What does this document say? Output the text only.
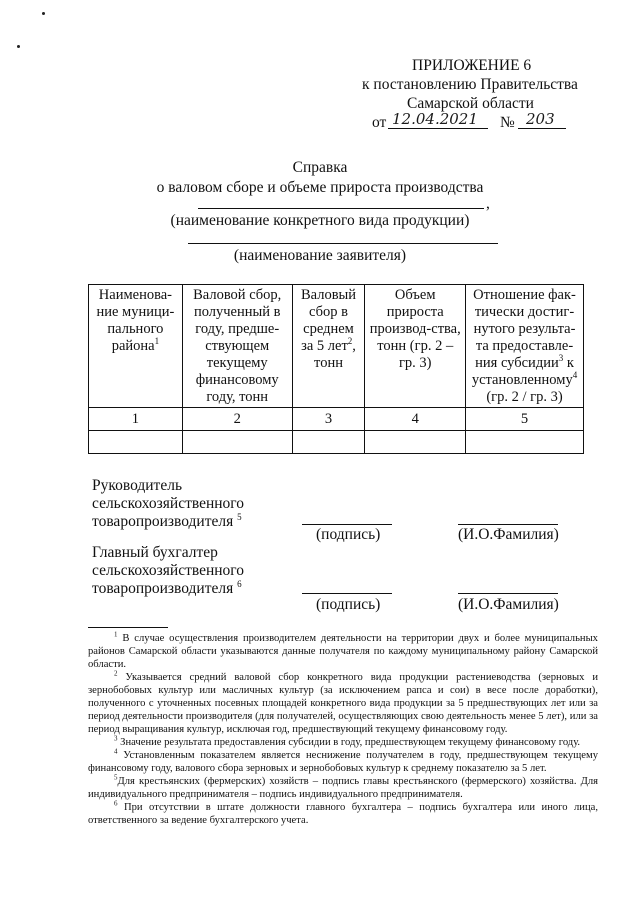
ПРИЛОЖЕНИЕ 6
к постановлению Правительства
Самарской области
от 12.04.2021 № 203
Справка
о валовом сборе и объеме прироста производства
,
(наименование конкретного вида продукции)
(наименование заявителя)
Наименова-ние муници-пального района$^1$	Валовой сбор, полученный в году, предше-ствующем текущему финансовому году, тонн	Валовый сбор в среднем за 5 лет$^2$, тонн	Объем прироста производ-ства, тонн (гр. 2 – гр. 3)	Отношение фак-тически достиг-нутого результа-та предоставле-ния субсидии$^3$ к установленному$^4$ (гр. 2 / гр. 3)
1	2	3	4	5

Руководитель
сельскохозяйственного
товаропроизводителя $^5$
(подпись)	(И.О.Фамилия)
Главный бухгалтер
сельскохозяйственного
товаропроизводителя $^6$
(подпись)	(И.О.Фамилия)
$^1$ В случае осуществления производителем деятельности на территории двух и более муниципальных районов Самарской области указываются данные получателя по каждому муниципальному району Самарской области.
$^2$ Указывается средний валовой сбор конкретного вида продукции растениеводства (зерновых и зернобобовых культур или масличных культур (за исключением рапса и сои) в весе после доработки), полученного с уточненных посевных площадей конкретного вида продукции за 5 предшествующих лет или за период деятельности производителя (для получателей, осуществляющих свою деятельность менее 5 лет), или за период выращивания культур, исключая год, предшествующий текущему финансовому году.
$^3$ Значение результата предоставления субсидии в году, предшествующем текущему финансовому году.
$^4$ Установленным показателем является неснижение получателем в году, предшествующем текущему финансовому году, валового сбора зерновых и зернобобовых культур к среднему показателю за 5 лет.
$^5$Для крестьянских (фермерских) хозяйств – подпись главы крестьянского (фермерского) хозяйства. Для индивидуального предпринимателя – подпись индивидуального предпринимателя.
$^6$ При отсутствии в штате должности главного бухгалтера – подпись бухгалтера или иного лица, ответственного за ведение бухгалтерского учета.
